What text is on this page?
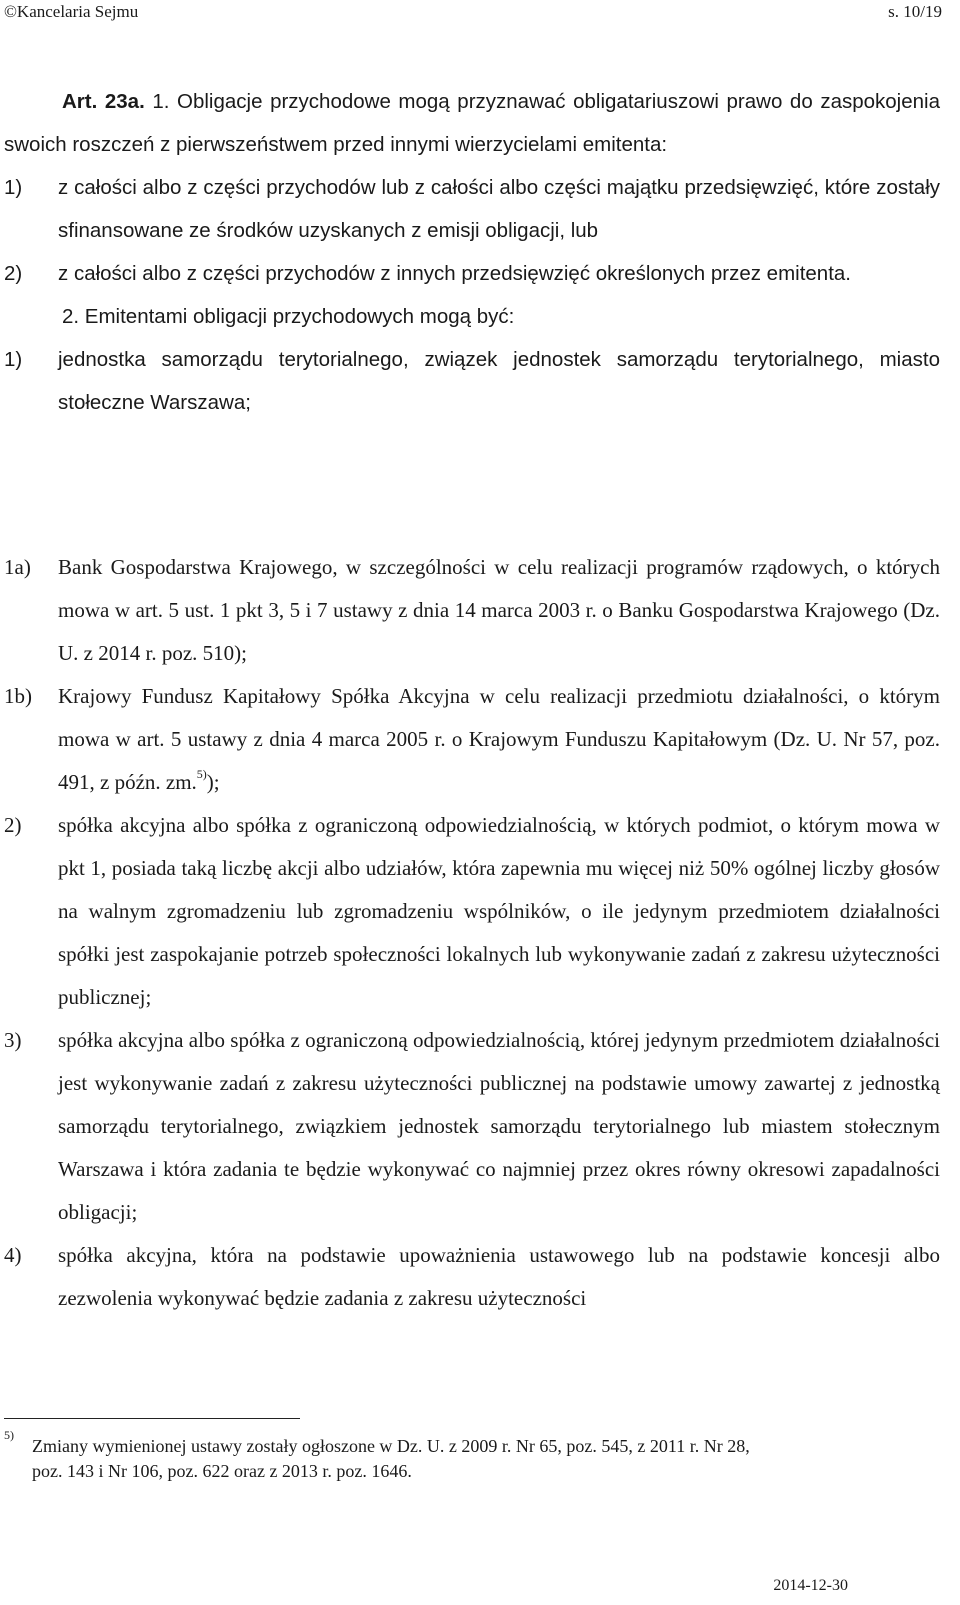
©Kancelaria Sejmu	s. 10/19

Art. 23a. 1. Obligacje przychodowe mogą przyznawać obligatariuszowi prawo do zaspokojenia swoich roszczeń z pierwszeństwem przed innymi wierzycielami emitenta:

1) z całości albo z części przychodów lub z całości albo części majątku przedsięwzięć, które zostały sfinansowane ze środków uzyskanych z emisji obligacji, lub

2) z całości albo z części przychodów z innych przedsięwzięć określonych przez emitenta.

2. Emitentami obligacji przychodowych mogą być:

1) jednostka samorządu terytorialnego, związek jednostek samorządu terytorialnego, miasto stołeczne Warszawa;

1a) Bank Gospodarstwa Krajowego, w szczególności w celu realizacji programów rządowych, o których mowa w art. 5 ust. 1 pkt 3, 5 i 7 ustawy z dnia 14 marca 2003 r. o Banku Gospodarstwa Krajowego (Dz. U. z 2014 r. poz. 510);

1b) Krajowy Fundusz Kapitałowy Spółka Akcyjna w celu realizacji przedmiotu działalności, o którym mowa w art. 5 ustawy z dnia 4 marca 2005 r. o Krajowym Funduszu Kapitałowym (Dz. U. Nr 57, poz. 491, z późn. zm.$^{5)}$);

2) spółka akcyjna albo spółka z ograniczoną odpowiedzialnością, w których podmiot, o którym mowa w pkt 1, posiada taką liczbę akcji albo udziałów, która zapewnia mu więcej niż 50% ogólnej liczby głosów na walnym zgromadzeniu lub zgromadzeniu wspólników, o ile jedynym przedmiotem działalności spółki jest zaspokajanie potrzeb społeczności lokalnych lub wykonywanie zadań z zakresu użyteczności publicznej;

3) spółka akcyjna albo spółka z ograniczoną odpowiedzialnością, której jedynym przedmiotem działalności jest wykonywanie zadań z zakresu użyteczności publicznej na podstawie umowy zawartej z jednostką samorządu terytorialnego, związkiem jednostek samorządu terytorialnego lub miastem stołecznym Warszawa i która zadania te będzie wykonywać co najmniej przez okres równy okresowi zapadalności obligacji;

4) spółka akcyjna, która na podstawie upoważnienia ustawowego lub na podstawie koncesji albo zezwolenia wykonywać będzie zadania z zakresu użyteczności

5)

Zmiany wymienionej ustawy zostały ogłoszone w Dz. U. z 2009 r. Nr 65, poz. 545, z 2011 r. Nr 28,
poz. 143 i Nr 106, poz. 622 oraz z 2013 r. poz. 1646.

2014-12-30
